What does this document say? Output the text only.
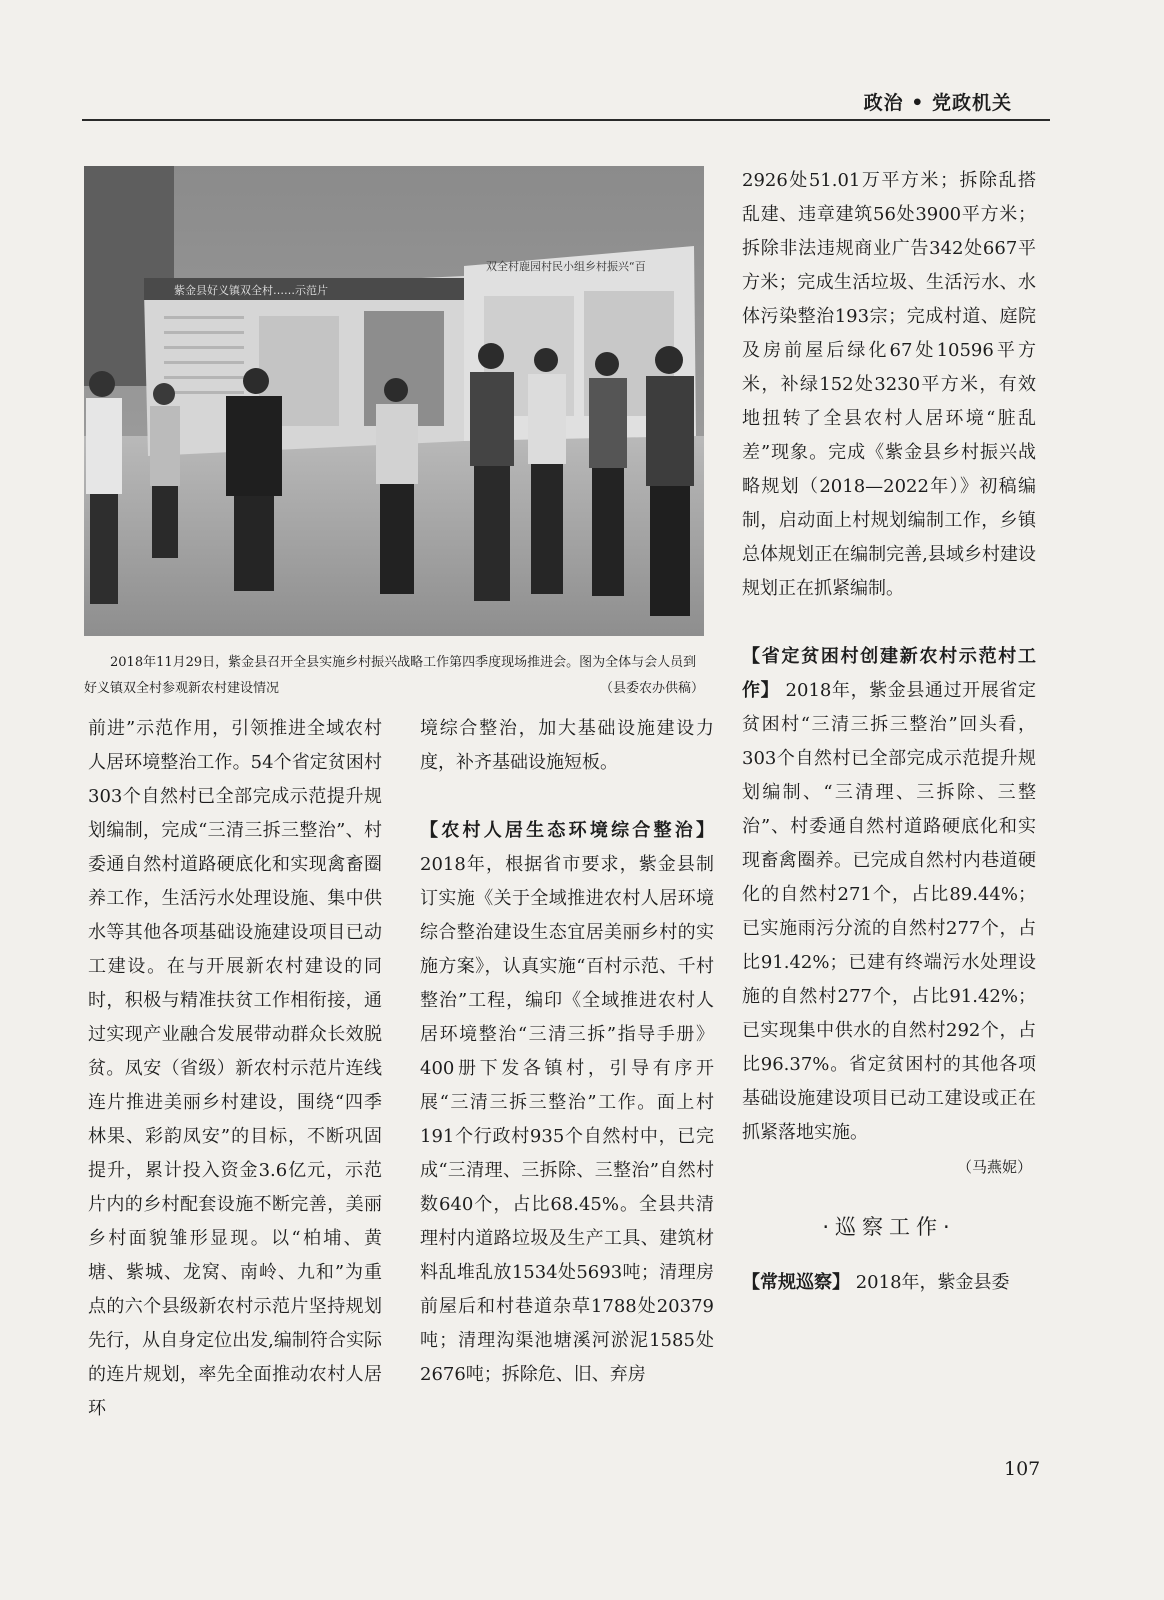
政治 • 党政机关
紫金县好义镇双全村……示范片
双全村鹿园村民小组乡村振兴“百
2018年11月29日，紫金县召开全县实施乡村振兴战略工作第四季度现场推进会。图为全体与会人员到好义镇双全村参观新农村建设情况	（县委农办供稿）

前进”示范作用，引领推进全域农村人居环境整治工作。54个省定贫困村303个自然村已全部完成示范提升规划编制，完成“三清三拆三整治”、村委通自然村道路硬底化和实现禽畜圈养工作，生活污水处理设施、集中供水等其他各项基础设施建设项目已动工建设。在与开展新农村建设的同时，积极与精准扶贫工作相衔接，通过实现产业融合发展带动群众长效脱贫。凤安（省级）新农村示范片连线连片推进美丽乡村建设，围绕“四季林果、彩韵凤安”的目标，不断巩固提升，累计投入资金3.6亿元，示范片内的乡村配套设施不断完善，美丽乡村面貌雏形显现。以“柏埔、黄塘、紫城、龙窝、南岭、九和”为重点的六个县级新农村示范片坚持规划先行，从自身定位出发,编制符合实际的连片规划，率先全面推动农村人居环

境综合整治，加大基础设施建设力度，补齐基础设施短板。

【农村人居生态环境综合整治】 2018年，根据省市要求，紫金县制订实施《关于全域推进农村人居环境综合整治建设生态宜居美丽乡村的实施方案》，认真实施“百村示范、千村整治”工程，编印《全域推进农村人居环境整治“三清三拆”指导手册》400册下发各镇村，引导有序开展“三清三拆三整治”工作。面上村191个行政村935个自然村中，已完成“三清理、三拆除、三整治”自然村数640个，占比68.45%。全县共清理村内道路垃圾及生产工具、建筑材料乱堆乱放1534处5693吨；清理房前屋后和村巷道杂草1788处20379吨；清理沟渠池塘溪河淤泥1585处2676吨；拆除危、旧、弃房

2926处51.01万平方米；拆除乱搭乱建、违章建筑56处3900平方米；拆除非法违规商业广告342处667平方米；完成生活垃圾、生活污水、水体污染整治193宗；完成村道、庭院及房前屋后绿化67处10596平方米，补绿152处3230平方米，有效地扭转了全县农村人居环境“脏乱差”现象。完成《紫金县乡村振兴战略规划（2018—2022年）》初稿编制，启动面上村规划编制工作，乡镇总体规划正在编制完善,县域乡村建设规划正在抓紧编制。

【省定贫困村创建新农村示范村工作】 2018年，紫金县通过开展省定贫困村“三清三拆三整治”回头看，303个自然村已全部完成示范提升规划编制、“三清理、三拆除、三整治”、村委通自然村道路硬底化和实现畜禽圈养。已完成自然村内巷道硬化的自然村271个，占比89.44%；已实施雨污分流的自然村277个，占比91.42%；已建有终端污水处理设施的自然村277个，占比91.42%；已实现集中供水的自然村292个，占比96.37%。省定贫困村的其他各项基础设施建设项目已动工建设或正在抓紧落地实施。

（马燕妮）
·巡察工作·

【常规巡察】 2018年，紫金县委

107
